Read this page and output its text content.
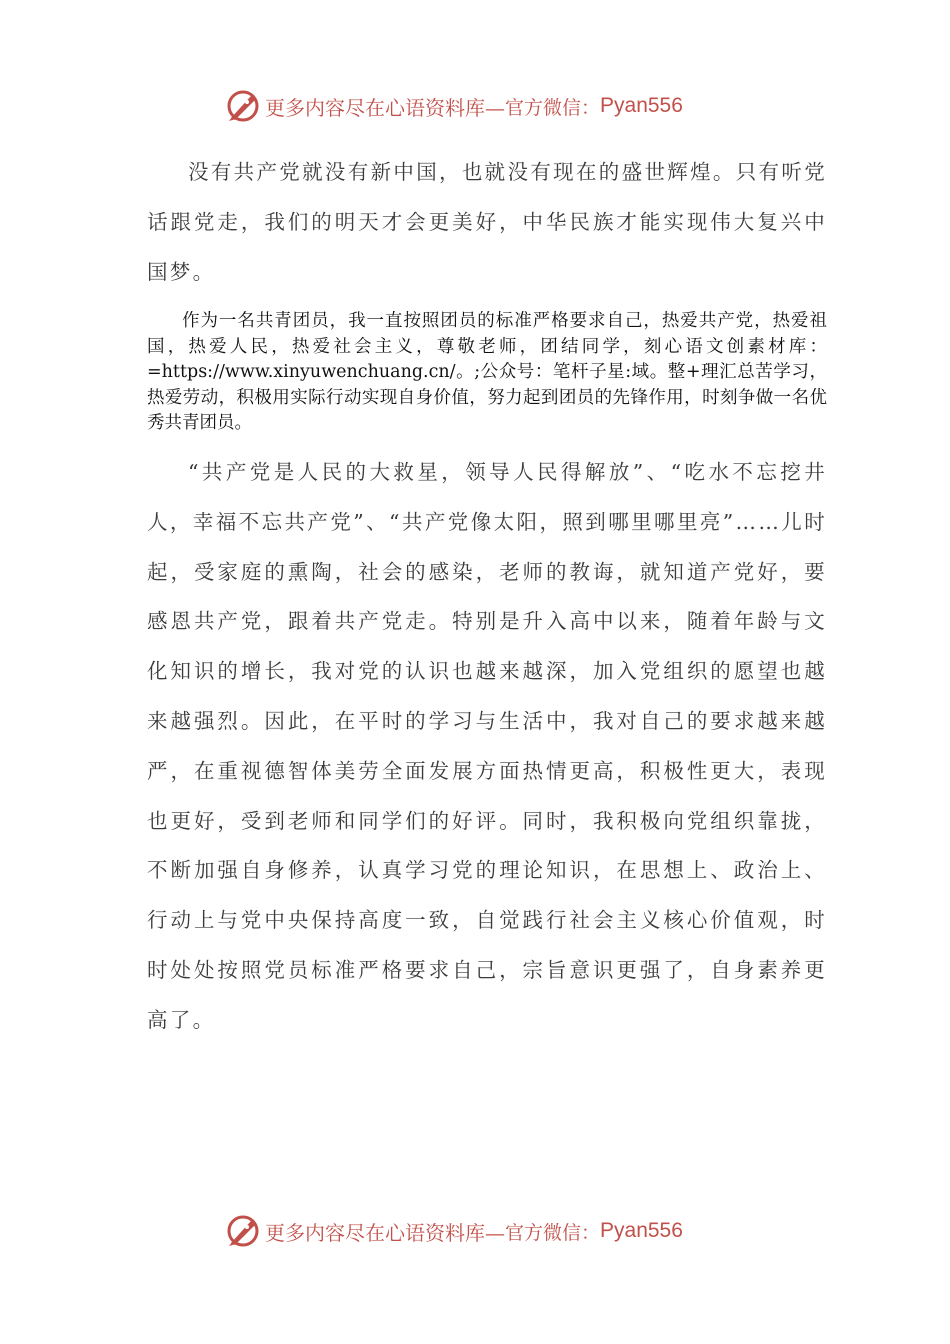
更多内容尽在心语资料库— 官方微信： Pyan556

没有共产党就没有新中国，也就没有现在的盛世辉煌。只有听党话跟党走，我们的明天才会更美好，中华民族才能实现伟大复兴中国梦。

作为一名共青团员，我一直按照团员的标准严格要求自己，热爱共产党，热爱祖国，热爱人民，热爱社会主义，尊敬老师，团结同学，刻心语文创素材库：=https://www.xinyuwenchuang.cn/。;公众号：笔杆子星:域。整+理汇总苦学习，热爱劳动，积极用实际行动实现自身价值，努力起到团员的先锋作用，时刻争做一名优秀共青团员。

“共产党是人民的大救星，领导人民得解放”、“吃水不忘挖井人，幸福不忘共产党”、“共产党像太阳，照到哪里哪里亮”……儿时起，受家庭的熏陶，社会的感染，老师的教诲，就知道产党好，要感恩共产党，跟着共产党走。特别是升入高中以来，随着年龄与文化知识的增长，我对党的认识也越来越深，加入党组织的愿望也越来越强烈。因此，在平时的学习与生活中，我对自己的要求越来越严，在重视德智体美劳全面发展方面热情更高，积极性更大，表现也更好，受到老师和同学们的好评。同时，我积极向党组织靠拢，不断加强自身修养，认真学习党的理论知识，在思想上、政治上、行动上与党中央保持高度一致，自觉践行社会主义核心价值观，时时处处按照党员标准严格要求自己，宗旨意识更强了，自身素养更高了。

更多内容尽在心语资料库— 官方微信： Pyan556
